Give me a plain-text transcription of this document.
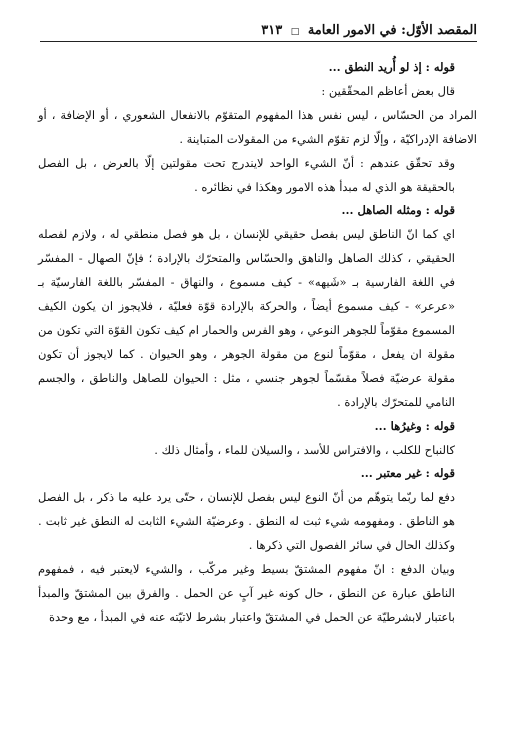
المقصد الأوّل: في الامور العامة □ ٣١٣

قوله : إذ لو أُريد النطق ...

قال بعض أعاظم المحقّقين :

المراد من الحسّاس ، ليس نفس هذا المفهوم المتقوّم بالانفعال الشعوري ، أو الإضافة ، أو الاضافة الإدراكيّة ، وإلّا لزم تقوّم الشيء من المقولات المتباينة .

وقد تحقّق عندهم : أنّ الشيء الواحد لايندرج تحت مقولتين إلّا بالعرض ، بل الفصل بالحقيقة هو الذي له مبدأ هذه الامور وهكذا في نظائره .

قوله : ومثله الصاهل ...

اي كما انّ الناطق ليس بفصل حقيقي للإنسان ، بل هو فصل منطقي له ، ولازم لفصله الحقيقي ، كذلك الصاهل والناهق والحسّاس والمتحرّك بالإرادة ؛ فإنّ الصهال - المفسّر في اللغة الفارسية بـ «شَيهه» - كيف مسموع ، والنهاق - المفسّر باللغة الفارسيّة بـ «عرعر» - كيف مسموع أيضاً ، والحركة بالإرادة قوّة فعليّة ، فلايجوز ان يكون الكيف المسموع مقوّماً للجوهر النوعي ، وهو الفرس والحمار ام كيف تكون القوّة التي تكون من مقولة ان يفعل ، مقوّماً لنوع من مقولة الجوهر ، وهو الحيوان . كما لايجوز أن تكون مقولة عرضيّة فصلاً مقسّماً لجوهر جنسي ، مثل : الحيوان للصاهل والناطق ، والجسم النامي للمتحرّك بالإرادة .

قوله : وغيرُها ...

كالنباح للكلب ، والافتراس للأسد ، والسيلان للماء ، وأمثال ذلك .

قوله : غير معتبر ...

دفع لما ربّما يتوهّم من أنّ النوع ليس بفصل للإنسان ، حتّى يرد عليه ما ذكر ، بل الفصل هو الناطق . ومفهومه شيء ثبت له النطق . وعرضيّة الشيء الثابت له النطق غير ثابت . وكذلك الحال في سائر الفصول التي ذكرها .

وبيان الدفع : انّ مفهوم المشتقّ بسيط وغير مركّب ، والشيء لايعتبر فيه ، فمفهوم الناطق عبارة عن النطق ، حال كونه غير آبٍ عن الحمل . والفرق بين المشتقّ والمبدأ باعتبار لابشرطيّة عن الحمل في المشتقّ واعتبار بشرط لاتيّته عنه في المبدأ ، مع وحدة
